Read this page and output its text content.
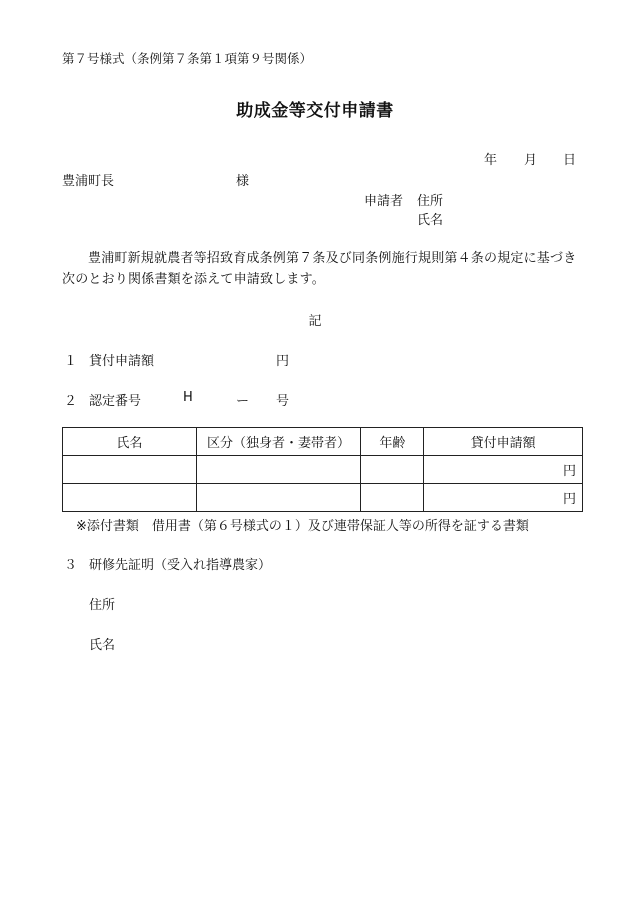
第７号様式（条例第７条第１項第９号関係）
助成金等交付申請書
年 月 日
豊浦町長	様
申請者 住所
氏名
豊浦町新規就農者等招致育成条例第７条及び同条例施行規則第４条の規定に基づき次のとおり関係書類を添えて申請致します。
記
１ 貸付申請額	円
２ 認定番号	H	ー 号
氏名	区分（独身者・妻帯者）	年齢	貸付申請額
			円
			円
※添付書類　借用書（第６号様式の１）及び連帯保証人等の所得を証する書類
３ 研修先証明（受入れ指導農家）
住所
氏名
